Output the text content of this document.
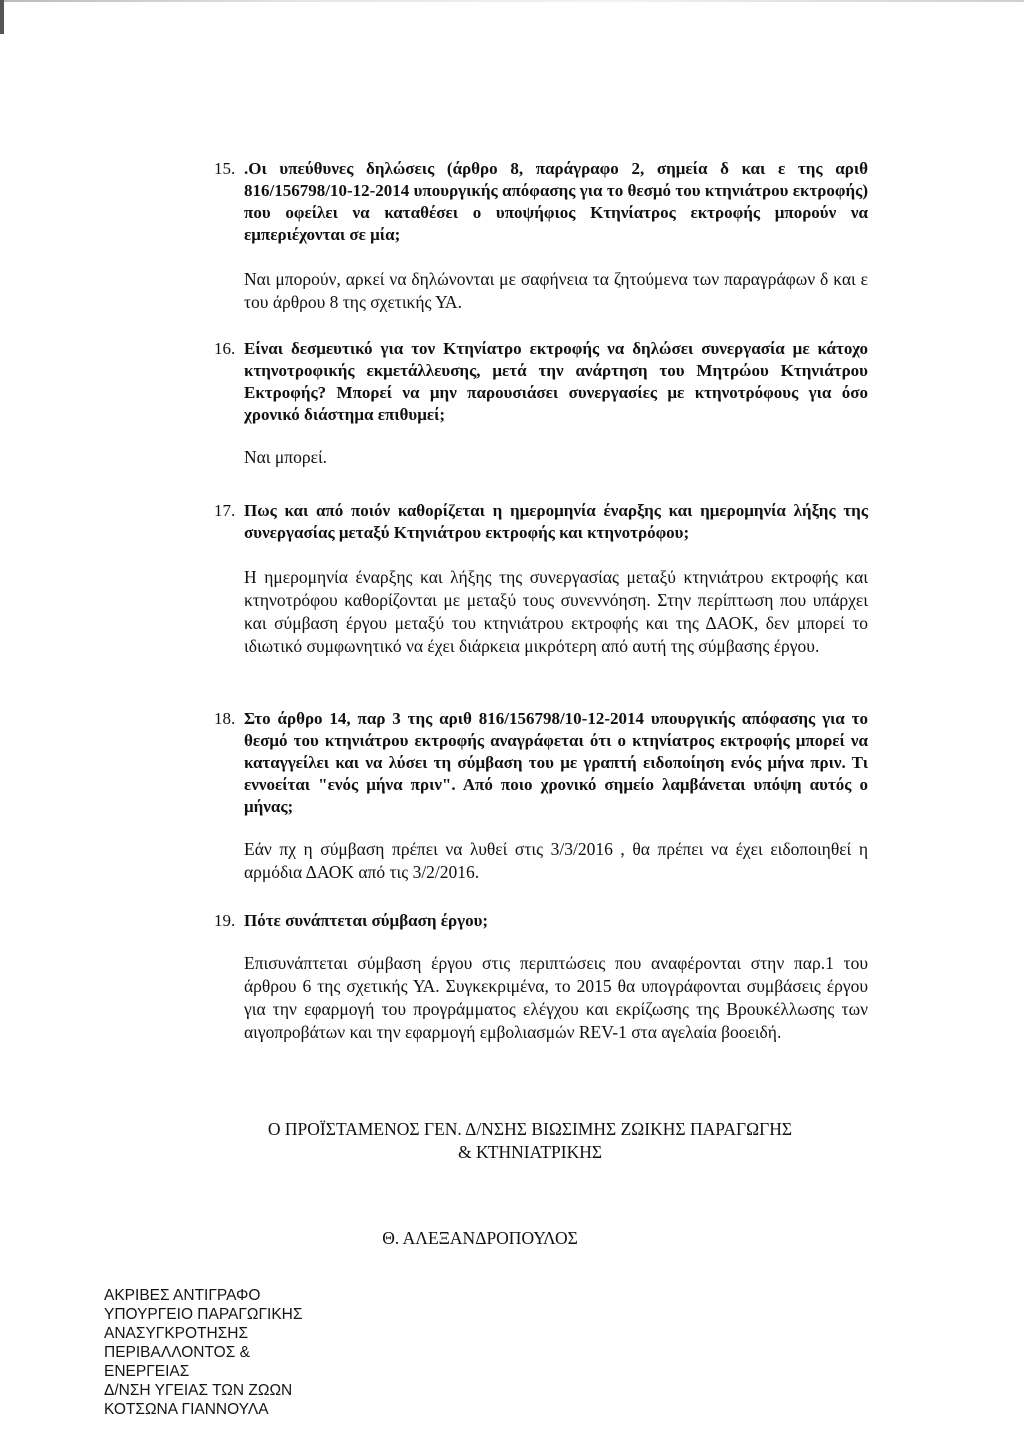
15. .Οι υπεύθυνες δηλώσεις (άρθρο 8, παράγραφο 2, σημεία δ και ε της αριθ 816/156798/10-12-2014 υπουργικής απόφασης για το θεσμό του κτηνιάτρου εκτροφής) που οφείλει να καταθέσει ο υποψήφιος Κτηνίατρος εκτροφής μπορούν να εμπεριέχονται σε μία;
Ναι μπορούν, αρκεί να δηλώνονται με σαφήνεια τα ζητούμενα των παραγράφων δ και ε του άρθρου 8 της σχετικής ΥΑ.
16. Είναι δεσμευτικό για τον Κτηνίατρο εκτροφής να δηλώσει συνεργασία με κάτοχο κτηνοτροφικής εκμετάλλευσης, μετά την ανάρτηση του Μητρώου Κτηνιάτρου Εκτροφής? Μπορεί να μην παρουσιάσει συνεργασίες με κτηνοτρόφους για όσο χρονικό διάστημα επιθυμεί;
Ναι μπορεί.
17. Πως και από ποιόν καθορίζεται η ημερομηνία έναρξης και ημερομηνία λήξης της συνεργασίας μεταξύ Κτηνιάτρου εκτροφής και κτηνοτρόφου;
Η ημερομηνία έναρξης και λήξης της συνεργασίας μεταξύ κτηνιάτρου εκτροφής και κτηνοτρόφου καθορίζονται με μεταξύ τους συνεννόηση. Στην περίπτωση που υπάρχει και σύμβαση έργου μεταξύ του κτηνιάτρου εκτροφής και της ΔΑΟΚ, δεν μπορεί το ιδιωτικό συμφωνητικό να έχει διάρκεια μικρότερη από αυτή της σύμβασης έργου.
18. Στο άρθρο 14, παρ 3 της αριθ 816/156798/10-12-2014 υπουργικής απόφασης για το θεσμό του κτηνιάτρου εκτροφής αναγράφεται ότι ο κτηνίατρος εκτροφής μπορεί να καταγγείλει και να λύσει τη σύμβαση του με γραπτή ειδοποίηση ενός μήνα πριν. Τι εννοείται "ενός μήνα πριν". Από ποιο χρονικό σημείο λαμβάνεται υπόψη αυτός ο μήνας;
Εάν πχ η σύμβαση πρέπει να λυθεί στις 3/3/2016 , θα πρέπει να έχει ειδοποιηθεί η αρμόδια ΔΑΟΚ από τις 3/2/2016.
19. Πότε συνάπτεται σύμβαση έργου;
Επισυνάπτεται σύμβαση έργου στις περιπτώσεις που αναφέρονται στην παρ.1 του άρθρου 6 της σχετικής ΥΑ. Συγκεκριμένα, το 2015 θα υπογράφονται συμβάσεις έργου για την εφαρμογή του προγράμματος ελέγχου και εκρίζωσης της Βρουκέλλωσης των αιγοπροβάτων και την εφαρμογή εμβολιασμών REV-1 στα αγελαία βοοειδή.
Ο ΠΡΟΪΣΤΑΜΕΝΟΣ ΓΕΝ. Δ/ΝΣΗΣ ΒΙΩΣΙΜΗΣ ΖΩΙΚΗΣ ΠΑΡΑΓΩΓΗΣ
& ΚΤΗΝΙΑΤΡΙΚΗΣ
Θ. ΑΛΕΞΑΝΔΡΟΠΟΥΛΟΣ
ΑΚΡΙΒΕΣ ΑΝΤΙΓΡΑΦΟ
ΥΠΟΥΡΓΕΙΟ ΠΑΡΑΓΩΓΙΚΗΣ
ΑΝΑΣΥΓΚΡΟΤΗΣΗΣ
ΠΕΡΙΒΑΛΛΟΝΤΟΣ &
ΕΝΕΡΓΕΙΑΣ
Δ/ΝΣΗ ΥΓΕΙΑΣ ΤΩΝ ΖΩΩΝ
ΚΟΤΣΩΝΑ ΓΙΑΝΝΟΥΛΑ
